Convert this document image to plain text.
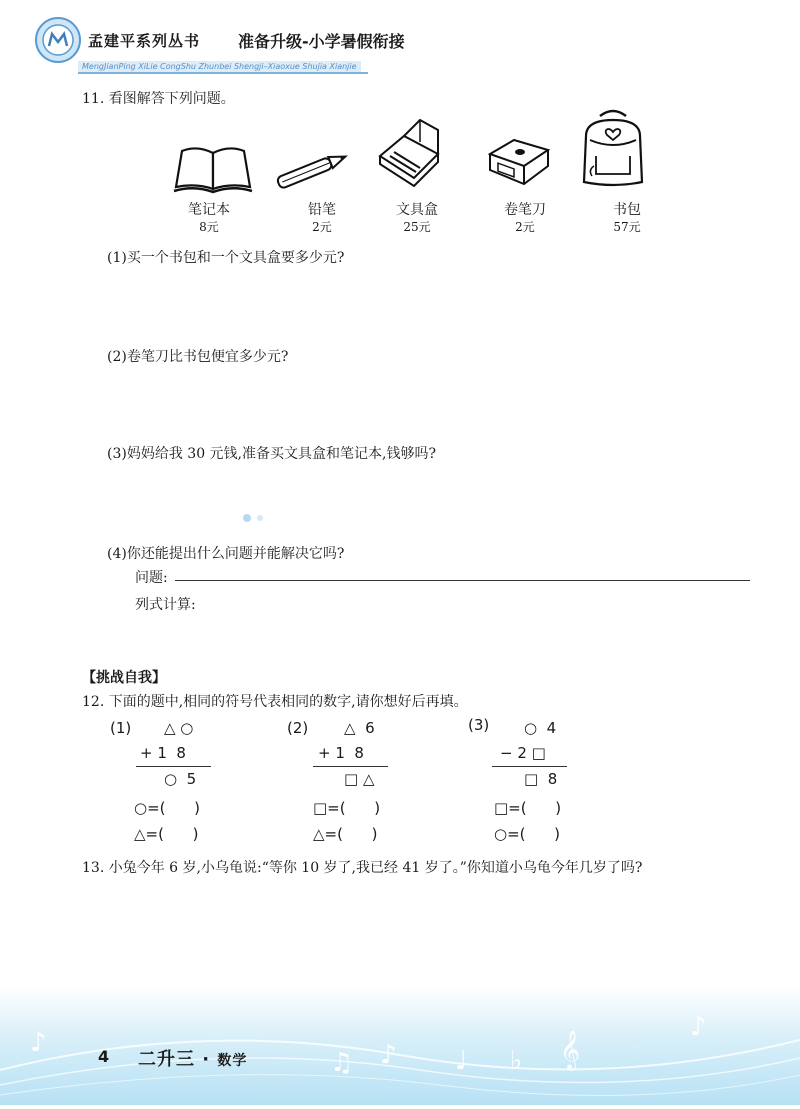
孟建平系列丛书 准备升级-小学暑假衔接
MengJianPing XiLie CongShu Zhunbei Shengji–Xiaoxue Shujia Xianjie
11. 看图解答下列问题。
笔记本
8元
铅笔
2元
文具盒
25元
卷笔刀
2元
书包
57元
(1)买一个书包和一个文具盒要多少元?
(2)卷笔刀比书包便宜多少元?
(3)妈妈给我 30 元钱,准备买文具盒和笔记本,钱够吗?
(4)你还能提出什么问题并能解决它吗?
问题:
列式计算:
【挑战自我】
12. 下面的题中,相同的符号代表相同的数字,请你想好后再填。
(1) △ ○
+ 1  8
○  5
○=(      )
△=(      )
(2) △  6
+ 1  8
□ △
□=(      )
△=(      )
(3) ○  4
− 2 □
□  8
□=(      )
○=(      )
13. 小兔今年 6 岁,小乌龟说:“等你 10 岁了,我已经 41 岁了。”你知道小乌龟今年几岁了吗?
♪
♫ ♪ ♩ ♭ 𝄞
♪
4 二升三 · 数学
